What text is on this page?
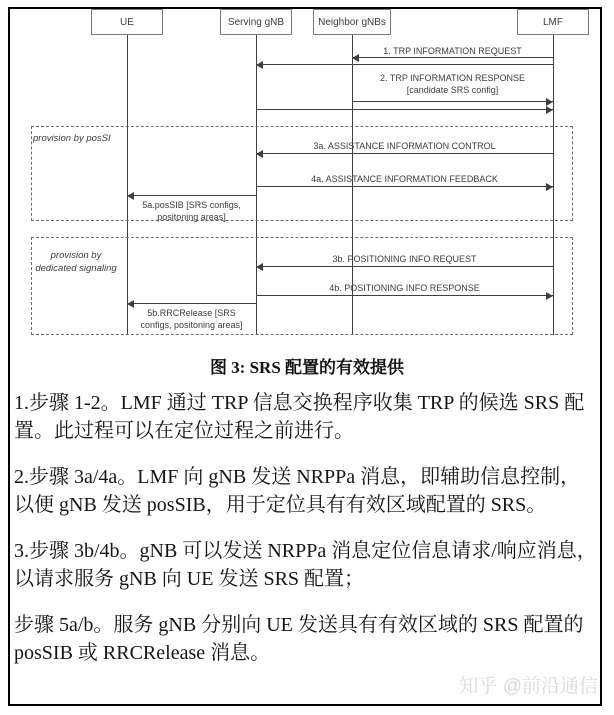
UE	Serving gNB	Neighbor gNBs	LMF
provision by posSI
provision by
dedicated signaling
1. TRP INFORMATION REQUEST
2. TRP INFORMATION RESPONSE
[candidate SRS config]
3a. ASSISTANCE INFORMATION CONTROL
4a. ASSISTANCE INFORMATION FEEDBACK
5a.posSIB [SRS configs,
positoning areas]
3b. POSITIONING INFO REQUEST
4b. POSITIONING INFO RESPONSE
5b.RRCRelease [SRS
configs, positoning areas]
图 3: SRS 配置的有效提供

1.步骤 1-2。LMF 通过 TRP 信息交换程序收集 TRP 的候选 SRS 配置。此过程可以在定位过程之前进行。

2.步骤 3a/4a。LMF 向 gNB 发送 NRPPa 消息，即辅助信息控制，以便 gNB 发送 posSIB，用于定位具有有效区域配置的 SRS。

3.步骤 3b/4b。gNB 可以发送 NRPPa 消息定位信息请求/响应消息，以请求服务 gNB 向 UE 发送 SRS 配置；

步骤 5a/b。服务 gNB 分别向 UE 发送具有有效区域的 SRS 配置的 posSIB 或 RRCRelease 消息。

知乎 @前沿通信
